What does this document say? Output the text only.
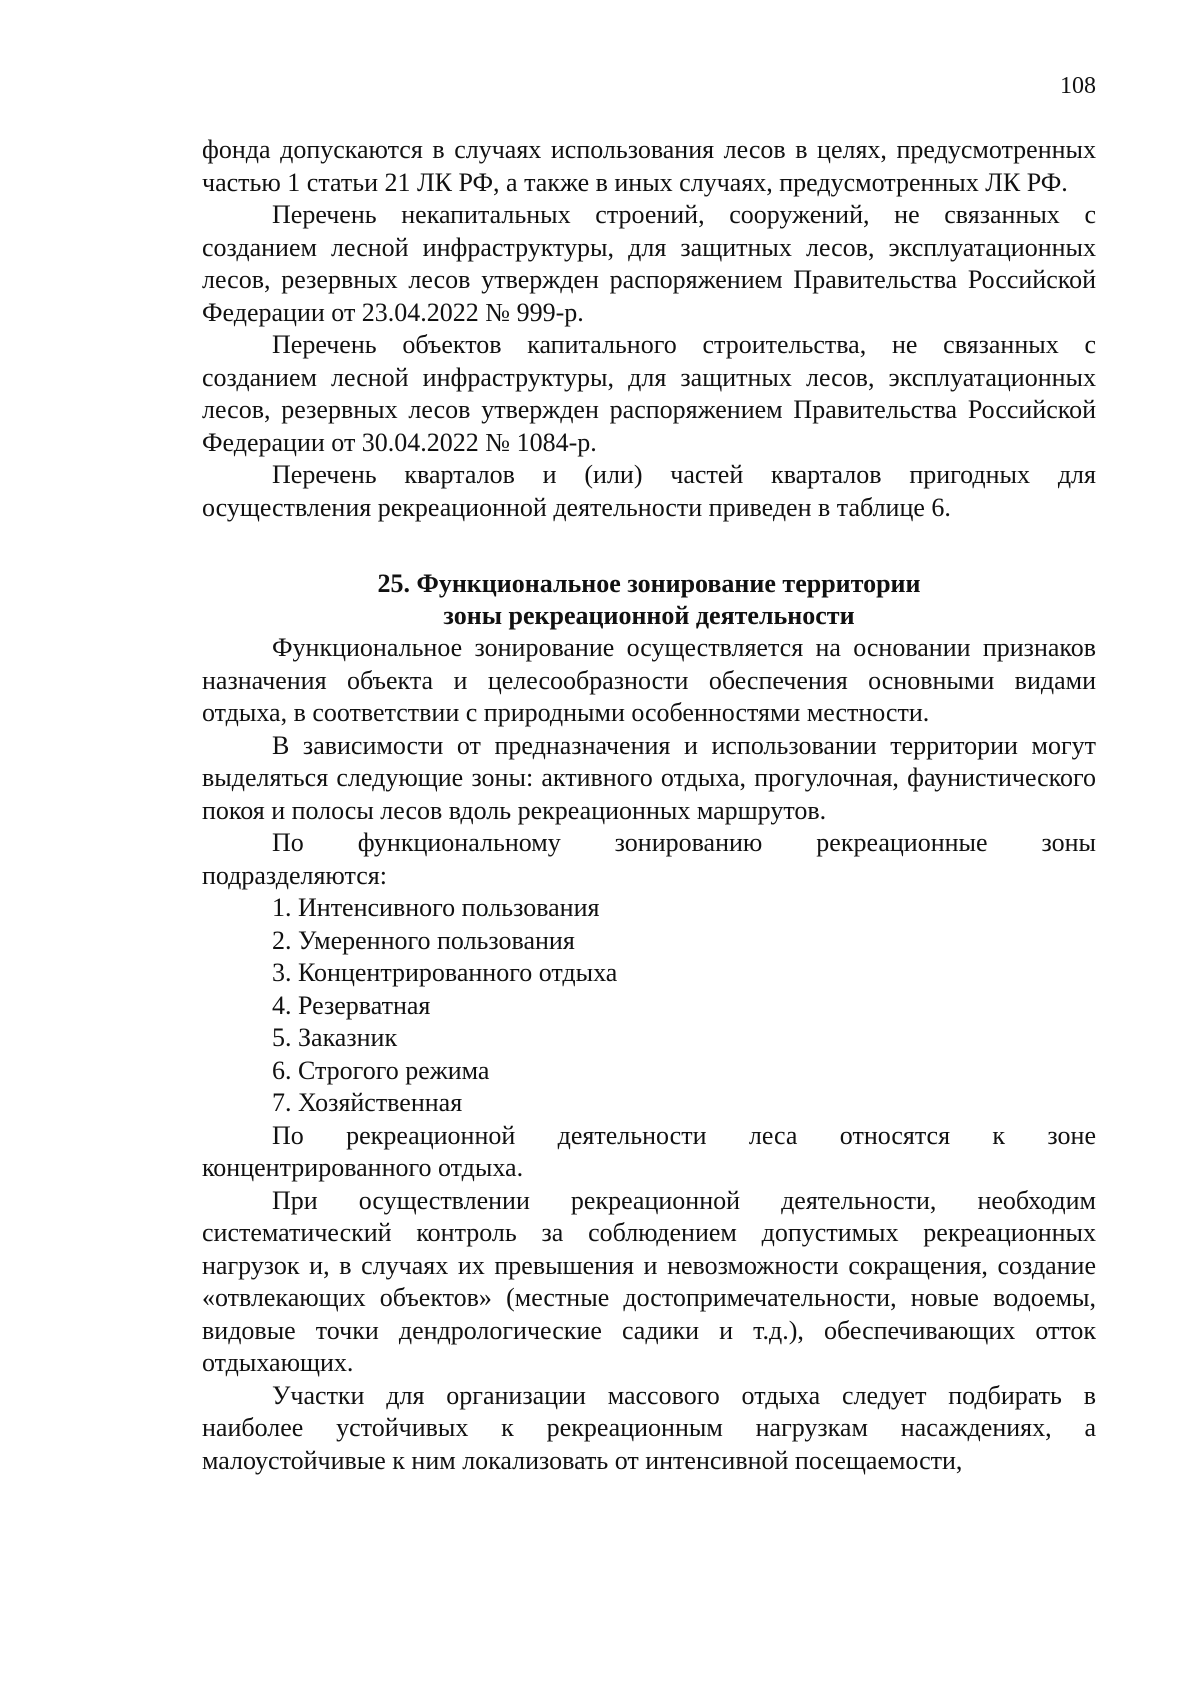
108

фонда допускаются в случаях использования лесов в целях, предусмотренных частью 1 статьи 21 ЛК РФ, а также в иных случаях, предусмотренных ЛК РФ.

Перечень некапитальных строений, сооружений, не связанных с созданием лесной инфраструктуры, для защитных лесов, эксплуатационных лесов, резервных лесов утвержден распоряжением Правительства Российской Федерации от 23.04.2022 № 999-р.

Перечень объектов капитального строительства, не связанных с созданием лесной инфраструктуры, для защитных лесов, эксплуатационных лесов, резервных лесов утвержден распоряжением Правительства Российской Федерации от 30.04.2022 № 1084-р.

Перечень кварталов и (или) частей кварталов пригодных для осуществления рекреационной деятельности приведен в таблице 6.

25. Функциональное зонирование территории
зоны рекреационной деятельности

Функциональное зонирование осуществляется на основании признаков назначения объекта и целесообразности обеспечения основными видами отдыха, в соответствии с природными особенностями местности.

В зависимости от предназначения и использовании территории могут выделяться следующие зоны: активного отдыха, прогулочная, фаунистического покоя и полосы лесов вдоль рекреационных маршрутов.

По функциональному зонированию рекреационные зоны подразделяются:

1. Интенсивного пользования
2. Умеренного пользования
3. Концентрированного отдыха
4. Резерватная
5. Заказник
6. Строгого режима
7. Хозяйственная

По рекреационной деятельности леса относятся к зоне концентрированного отдыха.

При осуществлении рекреационной деятельности, необходим систематический контроль за соблюдением допустимых рекреационных нагрузок и, в случаях их превышения и невозможности сокращения, создание «отвлекающих объектов» (местные достопримечательности, новые водоемы, видовые точки дендрологические садики и т.д.), обеспечивающих отток отдыхающих.

Участки для организации массового отдыха следует подбирать в наиболее устойчивых к рекреационным нагрузкам насаждениях, а малоустойчивые к ним локализовать от интенсивной посещаемости,
